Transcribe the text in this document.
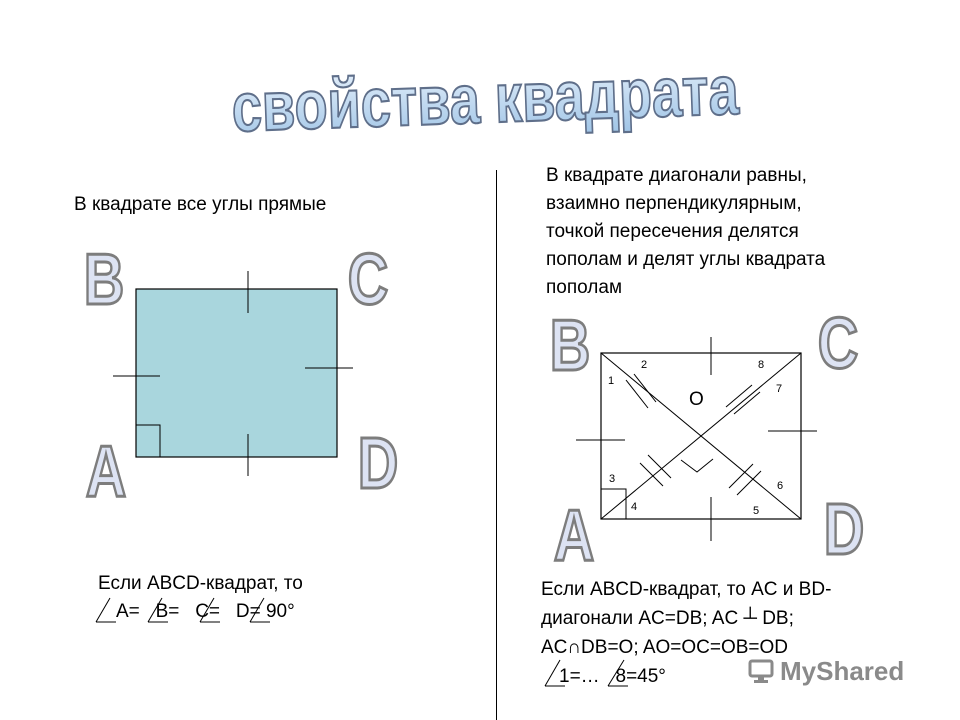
свойства квадрата
В квадрате все углы прямые
В квадрате диагонали равны,
взаимно перпендикулярным,
точкой пересечения делятся
пополам и делят углы квадрата
пополам
B	C
A	D
B	C
A	D
1
2
3
4	5
6
7
8
O
Если ABCD-квадрат, то
A=   B=   C=   D= 90°
Если ABCD-квадрат, то AC и BD-
диагонали AC=DB; AC ┴ DB;
AC∩DB=O; AO=OC=OB=OD
1=…   8=45°	MyShared
